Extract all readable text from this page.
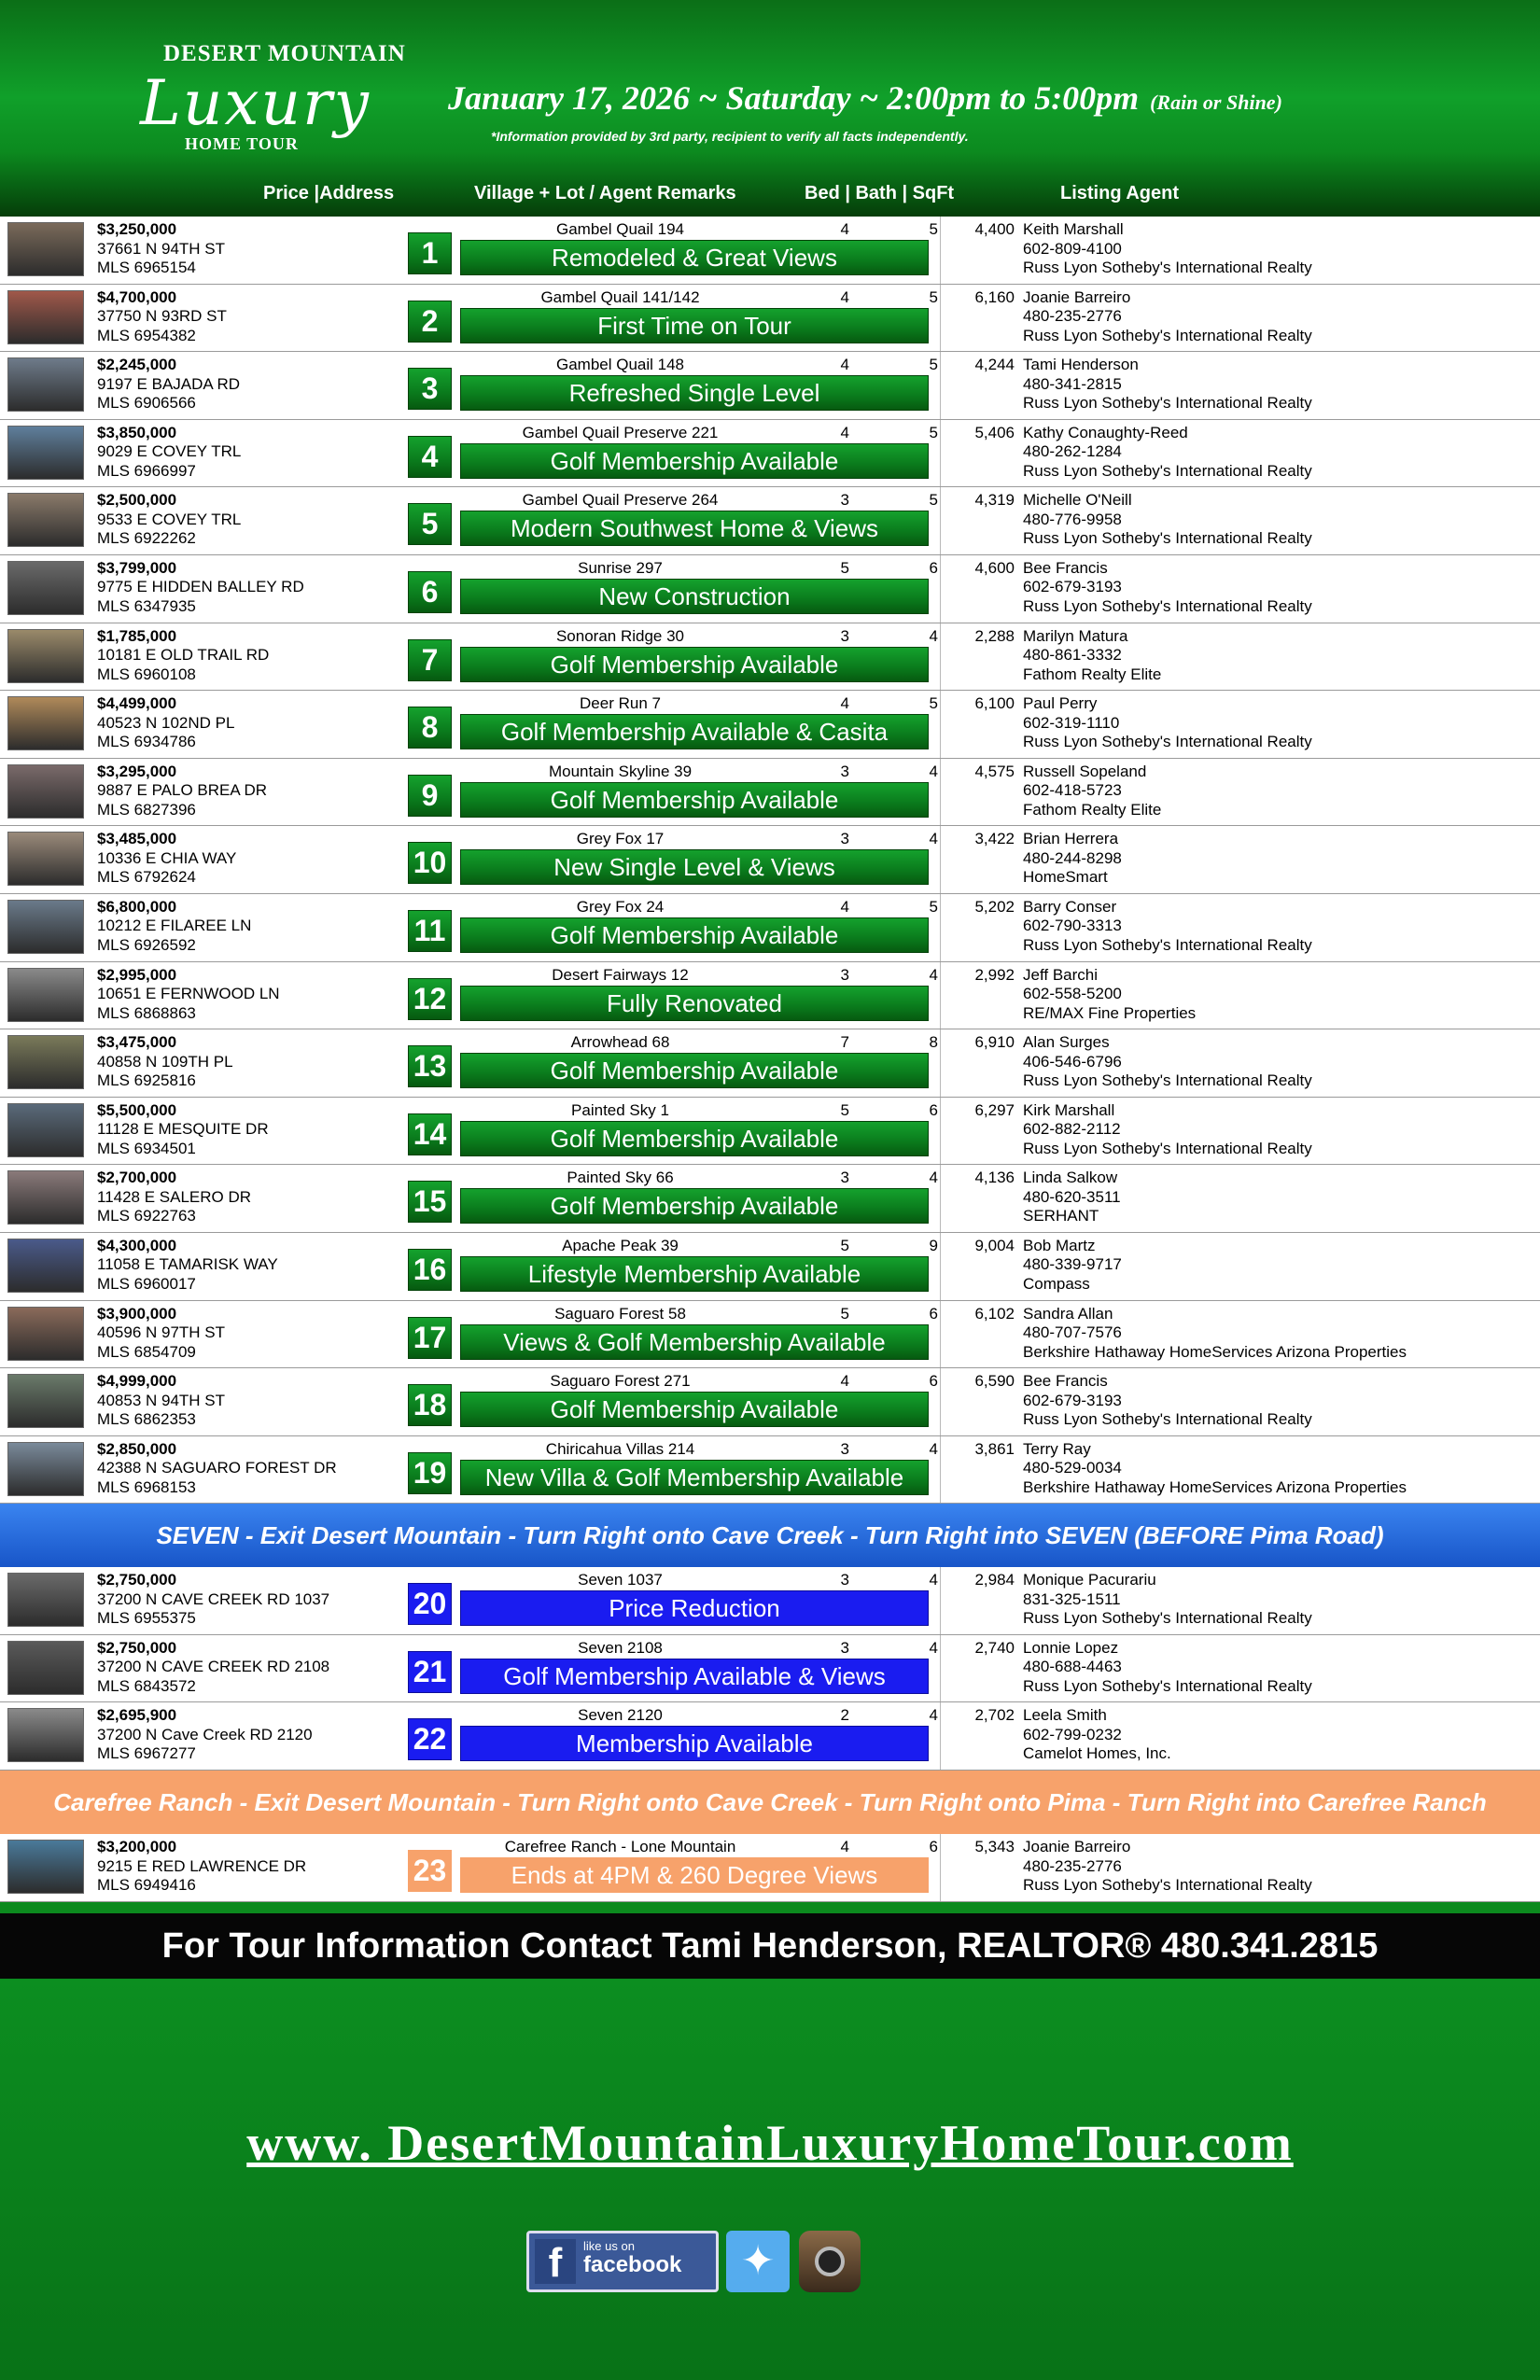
DESERT MOUNTAIN
Luxury
HOME TOUR
January 17, 2026 ~ Saturday ~ 2:00pm to 5:00pm (Rain or Shine)
*Information provided by 3rd party, recipient to verify all facts independently.
Price |Address	Village + Lot / Agent Remarks	Bed | Bath | SqFt	Listing Agent
$3,250,000
37661 N 94TH ST
MLS 6965154	1
Gambel Quail 194	4	5	4,400 Keith Marshall
602-809-4100
Russ Lyon Sotheby's International Realty
Remodeled & Great Views
$4,700,000
37750 N 93RD ST
MLS 6954382	2
Gambel Quail 141/142	4	5	6,160 Joanie Barreiro
480-235-2776
Russ Lyon Sotheby's International Realty
First Time on Tour
$2,245,000
9197 E BAJADA RD
MLS 6906566	3
Gambel Quail 148	4	5	4,244 Tami Henderson
480-341-2815
Russ Lyon Sotheby's International Realty
Refreshed Single Level
$3,850,000
9029 E COVEY TRL
MLS 6966997	4
Gambel Quail Preserve 221	4	5	5,406 Kathy Conaughty-Reed
480-262-1284
Russ Lyon Sotheby's International Realty
Golf Membership Available
$2,500,000
9533 E COVEY TRL
MLS 6922262	5
Gambel Quail Preserve 264	3	5	4,319 Michelle O'Neill
480-776-9958
Russ Lyon Sotheby's International Realty
Modern Southwest Home & Views
$3,799,000
9775 E HIDDEN BALLEY RD
MLS 6347935	6
Sunrise 297	5	6	4,600 Bee Francis
602-679-3193
Russ Lyon Sotheby's International Realty
New Construction
$1,785,000
10181 E OLD TRAIL RD
MLS 6960108	7
Sonoran Ridge 30	3	4	2,288 Marilyn Matura
480-861-3332
Fathom Realty Elite
Golf Membership Available
$4,499,000
40523 N 102ND PL
MLS 6934786	8
Deer Run 7	4	5	6,100 Paul Perry
602-319-1110
Russ Lyon Sotheby's International Realty
Golf Membership Available & Casita
$3,295,000
9887 E PALO BREA DR
MLS 6827396	9
Mountain Skyline 39	3	4	4,575 Russell Sopeland
602-418-5723
Fathom Realty Elite
Golf Membership Available
$3,485,000
10336 E CHIA WAY
MLS 6792624	10
Grey Fox 17	3	4	3,422 Brian Herrera
480-244-8298
HomeSmart
New Single Level & Views
$6,800,000
10212 E FILAREE LN
MLS 6926592	11
Grey Fox 24	4	5	5,202 Barry Conser
602-790-3313
Russ Lyon Sotheby's International Realty
Golf Membership Available
$2,995,000
10651 E FERNWOOD LN
MLS 6868863	12
Desert Fairways 12	3	4	2,992 Jeff Barchi
602-558-5200
RE/MAX Fine Properties
Fully Renovated
$3,475,000
40858 N 109TH PL
MLS 6925816	13
Arrowhead 68	7	8	6,910 Alan Surges
406-546-6796
Russ Lyon Sotheby's International Realty
Golf Membership Available
$5,500,000
11128 E MESQUITE DR
MLS 6934501	14
Painted Sky 1	5	6	6,297 Kirk Marshall
602-882-2112
Russ Lyon Sotheby's International Realty
Golf Membership Available
$2,700,000
11428 E SALERO DR
MLS 6922763	15
Painted Sky 66	3	4	4,136 Linda Salkow
480-620-3511
SERHANT
Golf Membership Available
$4,300,000
11058 E TAMARISK WAY
MLS 6960017	16
Apache Peak 39	5	9	9,004 Bob Martz
480-339-9717
Compass
Lifestyle Membership Available
$3,900,000
40596 N 97TH ST
MLS 6854709	17
Saguaro Forest 58	5	6	6,102 Sandra Allan
480-707-7576
Berkshire Hathaway HomeServices Arizona Properties
Views & Golf Membership Available
$4,999,000
40853 N 94TH ST
MLS 6862353	18
Saguaro Forest 271	4	6	6,590 Bee Francis
602-679-3193
Russ Lyon Sotheby's International Realty
Golf Membership Available
$2,850,000
42388 N SAGUARO FOREST DR
MLS 6968153	19
Chiricahua Villas 214	3	4	3,861 Terry Ray
480-529-0034
Berkshire Hathaway HomeServices Arizona Properties
New Villa & Golf Membership Available
SEVEN - Exit Desert Mountain - Turn Right onto Cave Creek - Turn Right into SEVEN (BEFORE Pima Road)
$2,750,000
37200 N CAVE CREEK RD 1037
MLS 6955375	20
Seven 1037	3	4	2,984 Monique Pacurariu
831-325-1511
Russ Lyon Sotheby's International Realty
Price Reduction
$2,750,000
37200 N CAVE CREEK RD 2108
MLS 6843572	21
Seven 2108	3	4	2,740 Lonnie Lopez
480-688-4463
Russ Lyon Sotheby's International Realty
Golf Membership Available & Views
$2,695,900
37200 N Cave Creek RD 2120
MLS 6967277	22
Seven 2120	2	4	2,702 Leela Smith
602-799-0232
Camelot Homes, Inc.
Membership Available
Carefree Ranch - Exit Desert Mountain - Turn Right onto Cave Creek - Turn Right onto Pima - Turn Right into Carefree Ranch
$3,200,000
9215 E RED LAWRENCE DR
MLS 6949416	23
Carefree Ranch - Lone Mountain	4	6	5,343 Joanie Barreiro
480-235-2776
Russ Lyon Sotheby's International Realty
Ends at 4PM & 260 Degree Views
For Tour Information Contact Tami Henderson, REALTOR® 480.341.2815
www. DesertMountainLuxuryHomeTour.com
f	like us on
facebook	✦
